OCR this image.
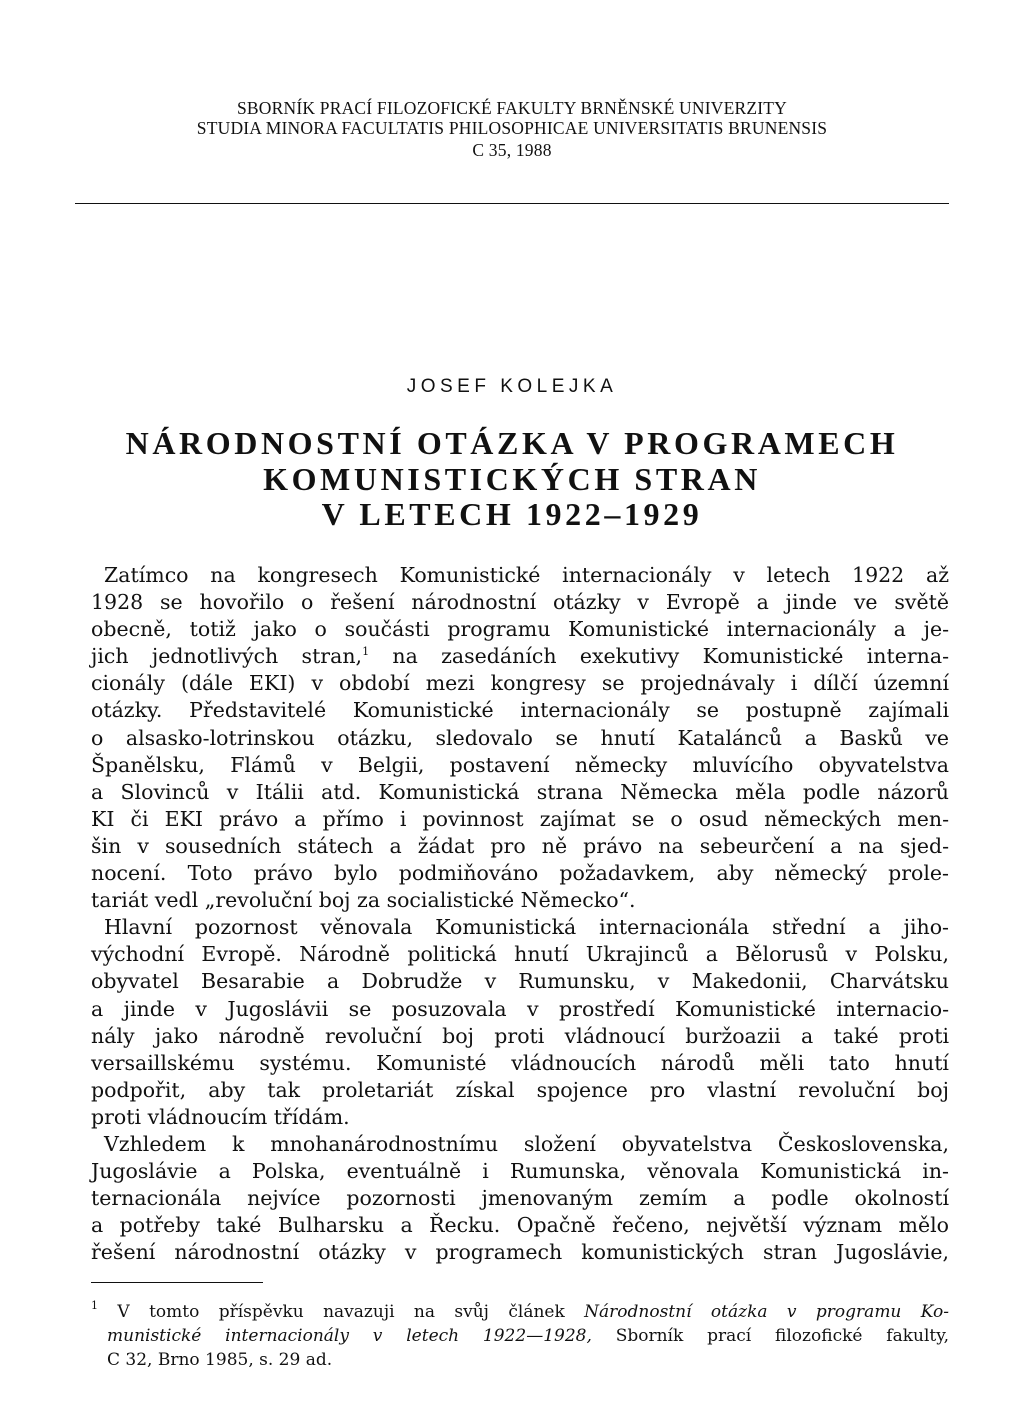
SBORNÍK PRACÍ FILOZOFICKÉ FAKULTY BRNĚNSKÉ UNIVERZITY
STUDIA MINORA FACULTATIS PHILOSOPHICAE UNIVERSITATIS BRUNENSIS
C 35, 1988
JOSEF KOLEJKA
NÁRODNOSTNÍ OTÁZKA V PROGRAMECH
KOMUNISTICKÝCH STRAN
V LETECH 1922–1929
Zatímco na kongresech Komunistické internacionály v letech 1922 až
1928 se hovořilo o řešení národnostní otázky v Evropě a jinde ve světě
obecně, totiž jako o součásti programu Komunistické internacionály a je-
jich jednotlivých stran,$^1$ na zasedáních exekutivy Komunistické interna-
cionály (dále EKI) v období mezi kongresy se projednávaly i dílčí územní
otázky. Představitelé Komunistické internacionály se postupně zajímali
o alsasko-lotrinskou otázku, sledovalo se hnutí Katalánců a Basků ve
Španělsku, Flámů v Belgii, postavení německy mluvícího obyvatelstva
a Slovinců v Itálii atd. Komunistická strana Německa měla podle názorů
KI či EKI právo a přímo i povinnost zajímat se o osud německých men-
šin v sousedních státech a žádat pro ně právo na sebeurčení a na sjed-
nocení. Toto právo bylo podmiňováno požadavkem, aby německý prole-
tariát vedl „revoluční boj za socialistické Německo“.
Hlavní pozornost věnovala Komunistická internacionála střední a jiho-
východní Evropě. Národně politická hnutí Ukrajinců a Bělorusů v Polsku,
obyvatel Besarabie a Dobrudže v Rumunsku, v Makedonii, Charvátsku
a jinde v Jugoslávii se posuzovala v prostředí Komunistické internacio-
nály jako národně revoluční boj proti vládnoucí buržoazii a také proti
versaillskému systému. Komunisté vládnoucích národů měli tato hnutí
podpořit, aby tak proletariát získal spojence pro vlastní revoluční boj
proti vládnoucím třídám.
Vzhledem k mnohanárodnostnímu složení obyvatelstva Československa,
Jugoslávie a Polska, eventuálně i Rumunska, věnovala Komunistická in-
ternacionála nejvíce pozornosti jmenovaným zemím a podle okolností
a potřeby také Bulharsku a Řecku. Opačně řečeno, největší význam mělo
řešení národnostní otázky v programech komunistických stran Jugoslávie,
$^1$ V tomto příspěvku navazuji na svůj článek Národnostní otázka v programu Ko-
munistické internacionály v letech 1922—1928, Sborník prací filozofické fakulty,
C 32, Brno 1985, s. 29 ad.
